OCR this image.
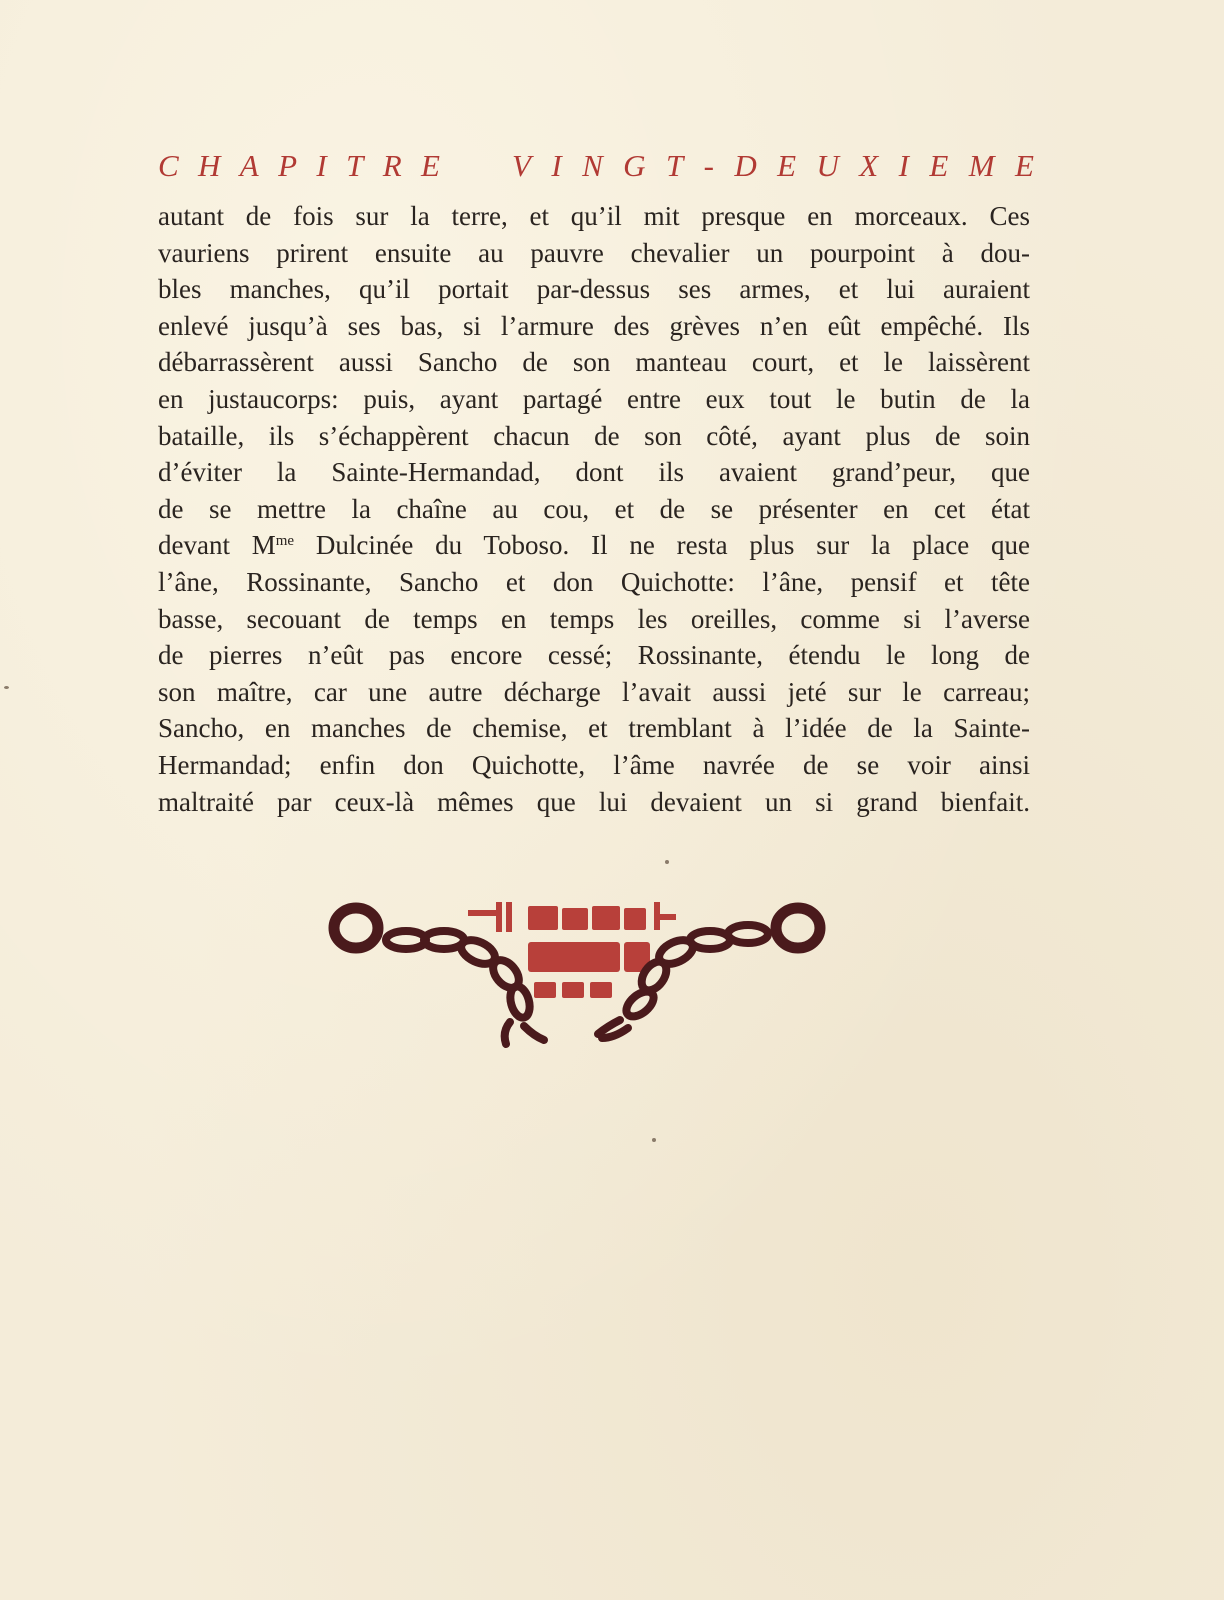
C H A P I T R E V I N G T - D E U X I E M E
autant de fois sur la terre, et qu’il mit presque en morceaux. Ces
vauriens prirent ensuite au pauvre chevalier un pourpoint à dou-
bles manches, qu’il portait par-dessus ses armes, et lui auraient
enlevé jusqu’à ses bas, si l’armure des grèves n’en eût empêché. Ils
débarrassèrent aussi Sancho de son manteau court, et le laissèrent
en justaucorps: puis, ayant partagé entre eux tout le butin de la
bataille, ils s’échappèrent chacun de son côté, ayant plus de soin
d’éviter la Sainte-Hermandad, dont ils avaient grand’peur, que
de se mettre la chaîne au cou, et de se présenter en cet état
devant $M^{me}$ Dulcinée du Toboso. Il ne resta plus sur la place que
l’âne, Rossinante, Sancho et don Quichotte: l’âne, pensif et tête
basse, secouant de temps en temps les oreilles, comme si l’averse
de pierres n’eût pas encore cessé; Rossinante, étendu le long de
son maître, car une autre décharge l’avait aussi jeté sur le carreau;
Sancho, en manches de chemise, et tremblant à l’idée de la Sainte-
Hermandad; enfin don Quichotte, l’âme navrée de se voir ainsi
maltraité par ceux-là mêmes que lui devaient un si grand bienfait.
